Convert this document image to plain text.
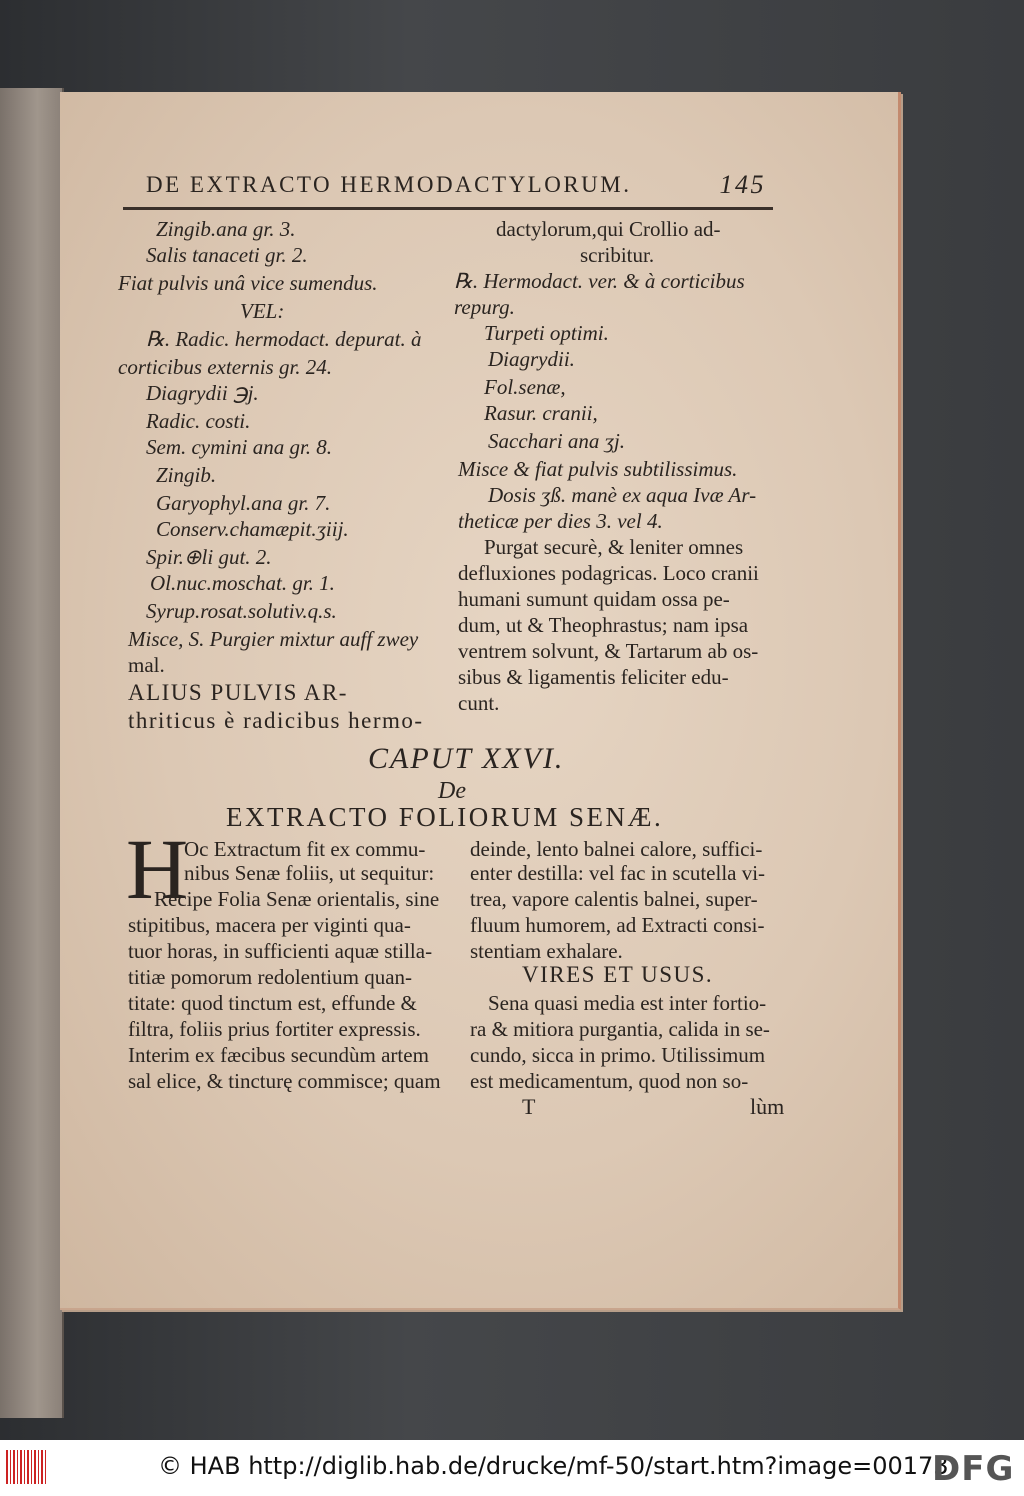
DE EXTRACTO HERMODACTYLORUM.	145
Zingib.ana gr. 3.
Salis tanaceti gr. 2.
Fiat pulvis unâ vice sumendus.
VEL:
℞. Radic. hermodact. depurat. à
corticibus externis gr. 24.
Diagrydii ℈j.
Radic. costi.
Sem. cymini ana gr. 8.
Zingib.
Garyophyl.ana gr. 7.
Conserv.chamæpit.ʒiij.
Spir.⊕li gut. 2.
Ol.nuc.moschat. gr. 1.
Syrup.rosat.solutiv.q.s.
Misce, S. Purgier mixtur auff zwey
mal.
ALIUS PULVIS AR-
thriticus è radicibus hermo-
dactylorum,qui Crollio ad-
scribitur.
℞. Hermodact. ver. & à corticibus
repurg.
Turpeti optimi.
Diagrydii.
Fol.senæ,
Rasur. cranii,
Sacchari ana ʒj.
Misce & fiat pulvis subtilissimus.
Dosis ʒß. manè ex aqua Ivæ Ar-
theticæ per dies 3. vel 4.
Purgat securè, & leniter omnes
defluxiones podagricas. Loco cranii
humani sumunt quidam ossa pe-
dum, ut & Theophrastus; nam ipsa
ventrem solvunt, & Tartarum ab os-
sibus & ligamentis feliciter edu-
cunt.
CAPUT XXVI.
De
EXTRACTO FOLIORUM SENÆ.
H
Oc Extractum fit ex commu-
nibus Senæ foliis, ut sequitur:
Recipe Folia Senæ orientalis, sine
stipitibus, macera per viginti qua-
tuor horas, in sufficienti aquæ stilla-
titiæ pomorum redolentium quan-
titate: quod tinctum est, effunde &
filtra, foliis prius fortiter expressis.
Interim ex fæcibus secundùm artem
sal elice, & tincturę commisce; quam
deinde, lento balnei calore, suffici-
enter destilla: vel fac in scutella vi-
trea, vapore calentis balnei, super-
fluum humorem, ad Extracti consi-
stentiam exhalare.
VIRES ET USUS.
Sena quasi media est inter fortio-
ra & mitiora purgantia, calida in se-
cundo, sicca in primo. Utilissimum
est medicamentum, quod non so-
T	lùm
© HAB http://diglib.hab.de/drucke/mf-50/start.htm?image=00173
DFG
